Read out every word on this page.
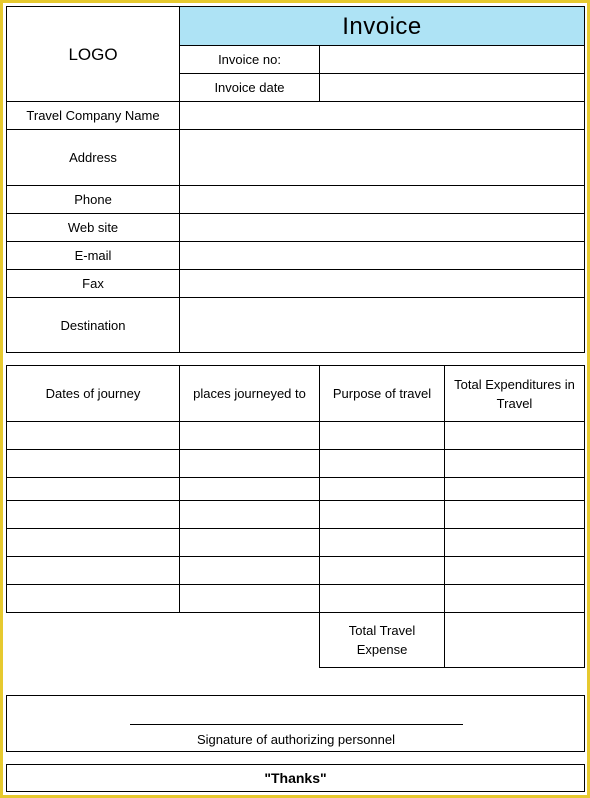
LOGO
Invoice
Invoice no:
Invoice date
Travel Company Name
Address
Phone
Web site
E-mail
Fax
Destination
Dates of journey	places journeyed to Purpose of travel
Total Expenditures in Travel
Total Travel Expense
Signature of authorizing personnel
"Thanks"
